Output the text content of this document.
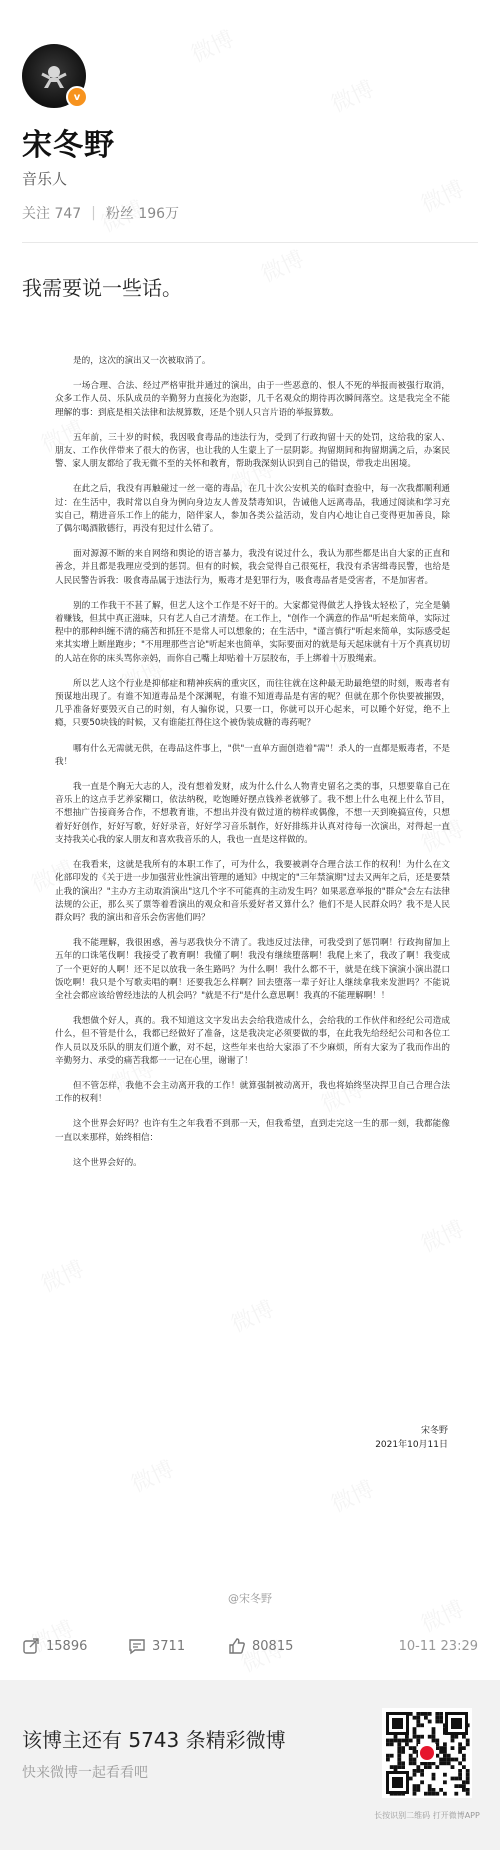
v
宋冬野
音乐人
关注 747 | 粉丝 196万
我需要说一些话。

是的，这次的演出又一次被取消了。

一场合理、合法、经过严格审批并通过的演出，由于一些恶意的、恨人不死的举报而被强行取消，众多工作人员、乐队成员的辛勤努力直接化为泡影，几千名观众的期待再次瞬间落空。这是我完全不能理解的事：到底是相关法律和法规算数，还是个别人只言片语的举报算数。

五年前，三十岁的时候，我因吸食毒品的违法行为，受到了行政拘留十天的处罚，这给我的家人、朋友、工作伙伴带来了很大的伤害，也让我的人生蒙上了一层阴影。拘留期间和拘留期满之后，办案民警、家人朋友都给了我无微不至的关怀和教育，帮助我深刻认识到自己的错误，带我走出困境。

在此之后，我没有再触碰过一丝一毫的毒品，在几十次公安机关的临时查验中，每一次我都顺利通过：在生活中，我时常以自身为例向身边友人普及禁毒知识，告诫他人远离毒品，我通过阅读和学习充实自己，精进音乐工作上的能力，陪伴家人，参加各类公益活动，发自内心地让自己变得更加善良，除了偶尔喝酒散德行，再没有犯过什么错了。

面对源源不断的来自网络和舆论的语言暴力，我没有说过什么，我认为那些都是出自大家的正直和善念，并且都是我理应受到的惩罚。但有的时候，我会觉得自己很冤枉，我没有杀害缉毒民警，也给是人民民警告诉我：吸食毒品属于违法行为，贩毒才是犯罪行为，吸食毒品者是受害者，不是加害者。

别的工作我干不甚了解，但艺人这个工作是不好干的。大家都觉得做艺人挣钱太轻松了，完全是躺着赚钱，但其中真正滋味，只有艺人自己才清楚。在工作上，"创作一个满意的作品"听起来简单，实际过程中的那种纠缠不清的痛苦和抓狂不是常人可以想象的；在生活中，"谨言慎行"听起来简单，实际感受起来其实增上断崖跑步；"不用理那些言论"听起来也简单，实际要面对的就是每天起床就有十万个真真切切的人站在你的床头骂你亲妈，而你自己嘴上却贴着十万层胶布，手上绑着十万股绳索。

所以艺人这个行业是抑郁症和精神疾病的重灾区，而往往就在这种最无助最绝望的时刻，贩毒者有预谋地出现了。有谁不知道毒品是个深渊呢，有谁不知道毒品是有害的呢？但就在那个你快要被摧毁，几乎准备好要毁灭自己的时刻，有人骗你说，只要一口，你就可以开心起来，可以睡个好觉，绝不上瘾，只要50块钱的时候，又有谁能扛得住这个被伪装成糖的毒药呢？

哪有什么无需就无供，在毒品这件事上，"供"一直单方面创造着"需"！杀人的一直都是贩毒者，不是我！

我一直是个胸无大志的人，没有想着发财，成为什么什么人物青史留名之类的事，只想要靠自己在音乐上的这点手艺养家糊口，依法纳税，吃饱睡好摆点钱养老就够了。我不想上什么电视上什么节目，不想抽广告接商务合作，不想教育谁，不想出并没有做过道的榜样或偶像，不想一天到晚搞宣传，只想着好好创作，好好写歌，好好录音，好好学习音乐制作，好好排练并认真对待每一次演出，对得起一直支持我关心我的家人朋友和喜欢我音乐的人，我也一直是这样做的。

在我看来，这就是我所有的本职工作了，可为什么，我要被剥夺合理合法工作的权利！为什么在文化部印发的《关于进一步加强营业性演出管理的通知》中规定的"三年禁演期"过去又两年之后，还是要禁止我的演出？"主办方主动取消演出"这几个字不可能真的主动发生吗？如果恶意举报的"群众"会左右法律法规的公正，那么买了票等着看演出的观众和音乐爱好者又算什么？他们不是人民群众吗？我不是人民群众吗？我的演出和音乐会伤害他们吗？

我不能理解，我很困惑，善与恶我快分不清了。我违反过法律，可我受到了惩罚啊！行政拘留加上五年的口诛笔伐啊！我接受了教育啊！我懂了啊！我没有继续堕落啊！我爬上来了，我改了啊！我变成了一个更好的人啊！还不足以放我一条生路吗？为什么啊！我什么都不干，就是在线下演演小演出混口饭吃啊！我只是个写歌卖唱的啊！还要我怎么样啊？回去堕落一辈子好让人继续拿我来发泄吗？不能说全社会都应该给曾经违法的人机会吗？"就是不行"是什么意思啊！我真的不能理解啊！！

我想做个好人，真的。我不知道这文字发出去会给我造成什么，会给我的工作伙伴和经纪公司造成什么，但不管是什么，我都已经做好了准备，这是我决定必须要做的事，在此我先给经纪公司和各位工作人员以及乐队的朋友们道个歉，对不起，这些年来也给大家添了不少麻烦，所有大家为了我而作出的辛勤努力、承受的痛苦我都一一记在心里，谢谢了！

但不管怎样，我他不会主动离开我的工作！就算强制被动离开，我也将始终坚决捍卫自己合理合法工作的权利！

这个世界会好吗？也许有生之年我看不到那一天，但我希望，直到走完这一生的那一刻，我都能像一直以来那样，始终相信：

这个世界会好的。

宋冬野
2021年10月11日
@宋冬野
15896	3711	80815	10-11 23:29
该博主还有 5743 条精彩微博
快来微博一起看看吧
长按识别二维码 打开微博APP
